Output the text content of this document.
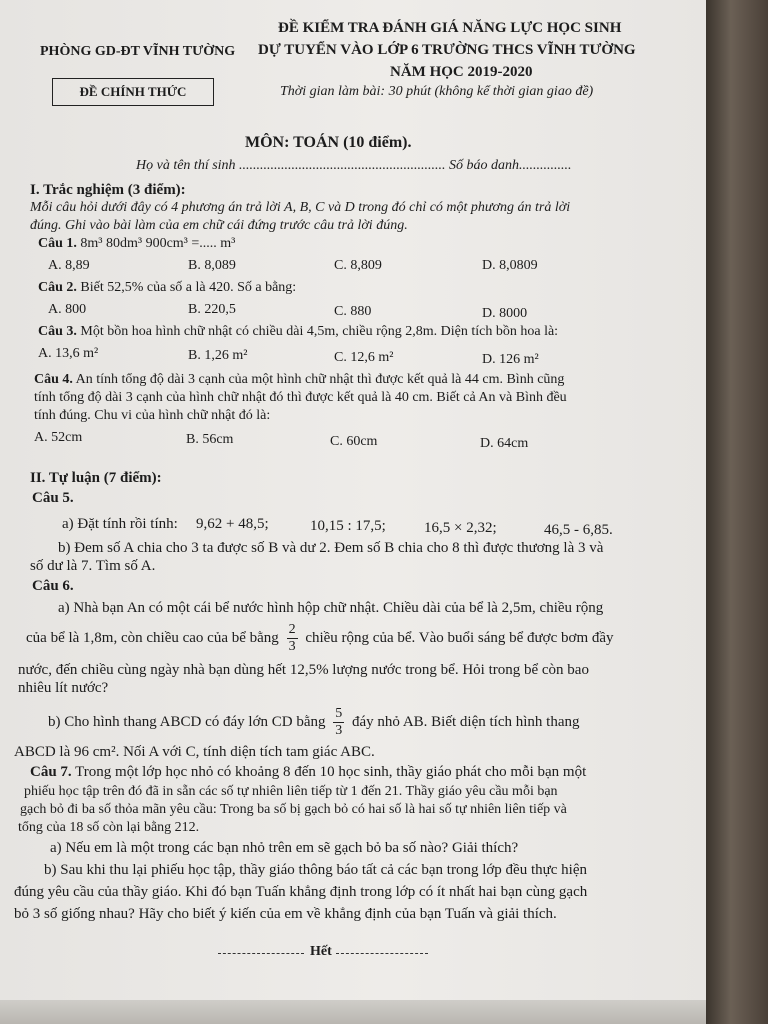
PHÒNG GD-ĐT VĨNH TƯỜNG
ĐỀ CHÍNH THỨC
ĐỀ KIỂM TRA ĐÁNH GIÁ NĂNG LỰC HỌC SINH
DỰ TUYỂN VÀO LỚP 6 TRƯỜNG THCS VĨNH TƯỜNG
NĂM HỌC 2019-2020
Thời gian làm bài: 30 phút (không kể thời gian giao đề)
MÔN: TOÁN (10 điểm).
Họ và tên thí sinh ........................................................... Số báo danh...............
I. Trắc nghiệm (3 điểm):
Mỗi câu hỏi dưới đây có 4 phương án trả lời A, B, C và D trong đó chỉ có một phương án trả lời
đúng. Ghi vào bài làm của em chữ cái đứng trước câu trả lời đúng.
Câu 1. 8m³ 80dm³ 900cm³ =..... m³
A. 8,89	B. 8,089	C. 8,809	D. 8,0809
Câu 2. Biết 52,5% của số a là 420. Số a bằng:
A. 800	B. 220,5	C. 880	D. 8000
Câu 3. Một bồn hoa hình chữ nhật có chiều dài 4,5m, chiều rộng 2,8m. Diện tích bồn hoa là:
A. 13,6 m²	B. 1,26 m²	C. 12,6 m²	D. 126 m²
Câu 4. An tính tổng độ dài 3 cạnh của một hình chữ nhật thì được kết quả là 44 cm. Bình cũng
tính tổng độ dài 3 cạnh của hình chữ nhật đó thì được kết quả là 40 cm. Biết cả An và Bình đều
tính đúng. Chu vi của hình chữ nhật đó là:
A. 52cm	B. 56cm	C. 60cm	D. 64cm
II. Tự luận (7 điểm):
Câu 5.
a) Đặt tính rồi tính: 9,62 + 48,5;	10,15 : 17,5;	16,5 × 2,32;	46,5 - 6,85.
b) Đem số A chia cho 3 ta được số B và dư 2. Đem số B chia cho 8 thì được thương là 3 và
số dư là 7. Tìm số A.
Câu 6.
a) Nhà bạn An có một cái bể nước hình hộp chữ nhật. Chiều dài của bể là 2,5m, chiều rộng
của bể là 1,8m, còn chiều cao của bể bằng $\frac{2}{3}$ chiều rộng của bể. Vào buổi sáng bể được bơm đầy
nước, đến chiều cùng ngày nhà bạn dùng hết 12,5% lượng nước trong bể. Hỏi trong bể còn bao
nhiêu lít nước?
b) Cho hình thang ABCD có đáy lớn CD bằng $\frac{5}{3}$ đáy nhỏ AB. Biết diện tích hình thang
ABCD là 96 cm². Nối A với C, tính diện tích tam giác ABC.
Câu 7. Trong một lớp học nhỏ có khoảng 8 đến 10 học sinh, thầy giáo phát cho mỗi bạn một
phiếu học tập trên đó đã in sẵn các số tự nhiên liên tiếp từ 1 đến 21. Thầy giáo yêu cầu mỗi bạn
gạch bỏ đi ba số thỏa mãn yêu cầu: Trong ba số bị gạch bỏ có hai số là hai số tự nhiên liên tiếp và
tổng của 18 số còn lại bằng 212.
a) Nếu em là một trong các bạn nhỏ trên em sẽ gạch bỏ ba số nào? Giải thích?
b) Sau khi thu lại phiếu học tập, thầy giáo thông báo tất cả các bạn trong lớp đều thực hiện
đúng yêu cầu của thầy giáo. Khi đó bạn Tuấn khẳng định trong lớp có ít nhất hai bạn cùng gạch
bỏ 3 số giống nhau? Hãy cho biết ý kiến của em về khẳng định của bạn Tuấn và giải thích.
Hết
